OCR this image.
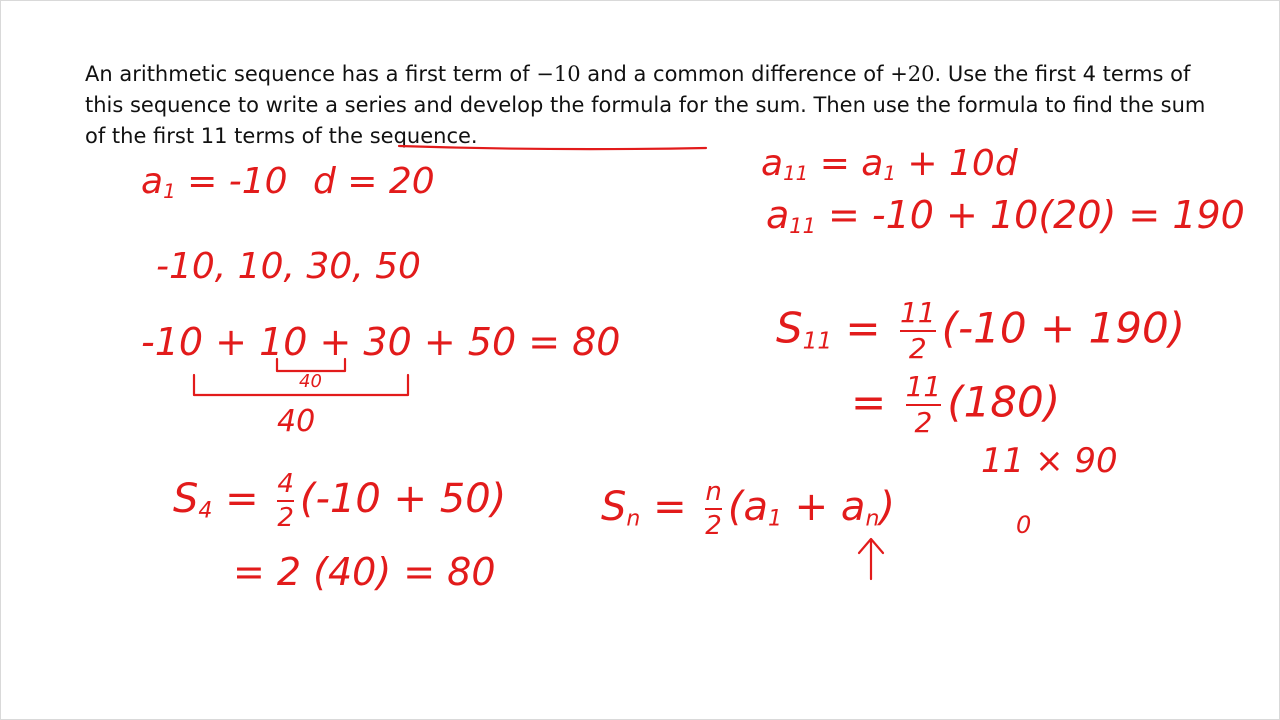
An arithmetic sequence has a first term of −10 and a common difference of +20. Use the first 4 terms of this sequence to write a series and develop the formula for the sum. Then use the formula to find the sum of the first 11 terms of the sequence.

$a_1 = -10$ d = 20
-10, 10, 30, 50
-10 + 10 + 30 + 50 = 80
40
40
$S_4 = \frac{4}{2} (-10 + 50)$
= 2 (40) = 80
$S_n = \frac{n}{2} (a_1 + a_n)$
$a_{11} = a_1 + 10d$
$a_{11} = -10 + 10(20) = 190$
$S_{11} = \frac{11}{2} (-10 + 190)$
= $\frac{11}{2} (180)$
11 × 90
0
